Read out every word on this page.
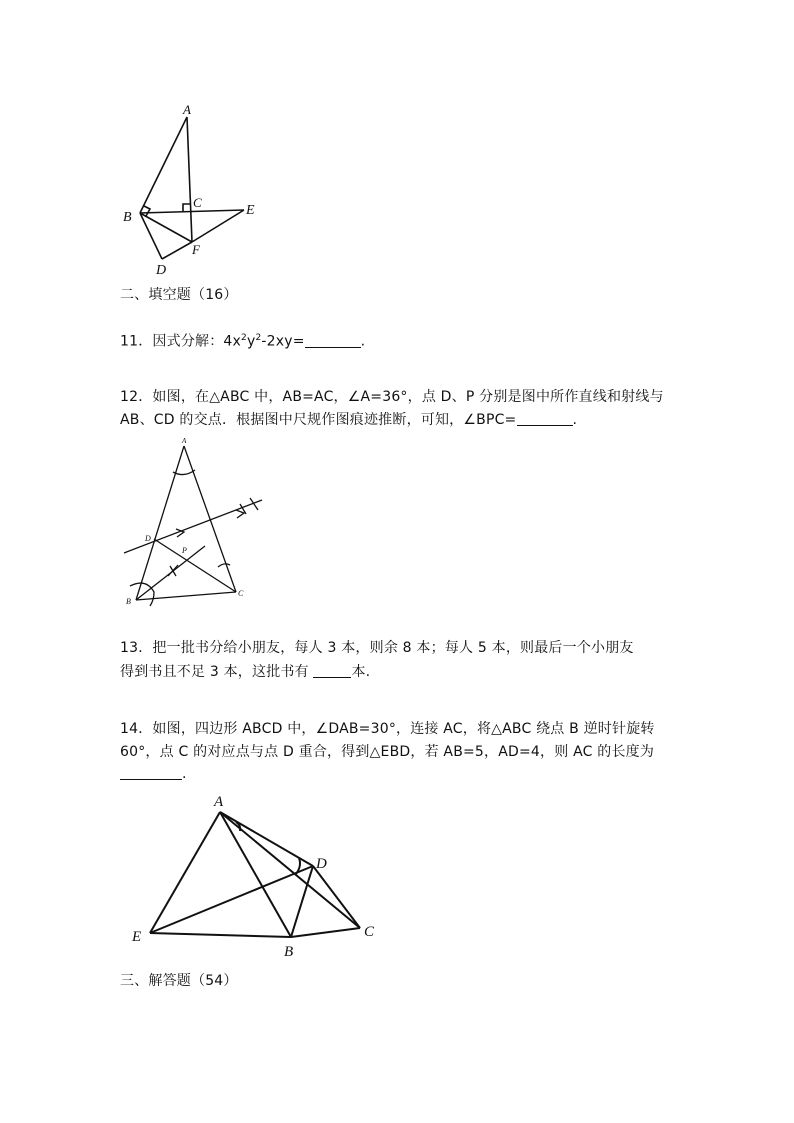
A
B
C
E
F
D
二、填空题（16）
11．因式分解：$4x^2y^2-2xy=$	.
12．如图，在△ABC 中，AB=AC，∠A=36°，点 D、P 分别是图中所作直线和射线与
AB、CD 的交点．根据图中尺规作图痕迹推断，可知，∠BPC=	.
A
D
P
B
C
13．把一批书分给小朋友，每人 3 本，则余 8 本；每人 5 本，则最后一个小朋友
得到书且不足 3 本，这批书有	本.
14．如图，四边形 ABCD 中，∠DAB=30°，连接 AC，将△ABC 绕点 B 逆时针旋转
60°，点 C 的对应点与点 D 重合，得到△EBD，若 AB=5，AD=4，则 AC 的长度为
.
A
D
E
B
C
三、解答题（54）
